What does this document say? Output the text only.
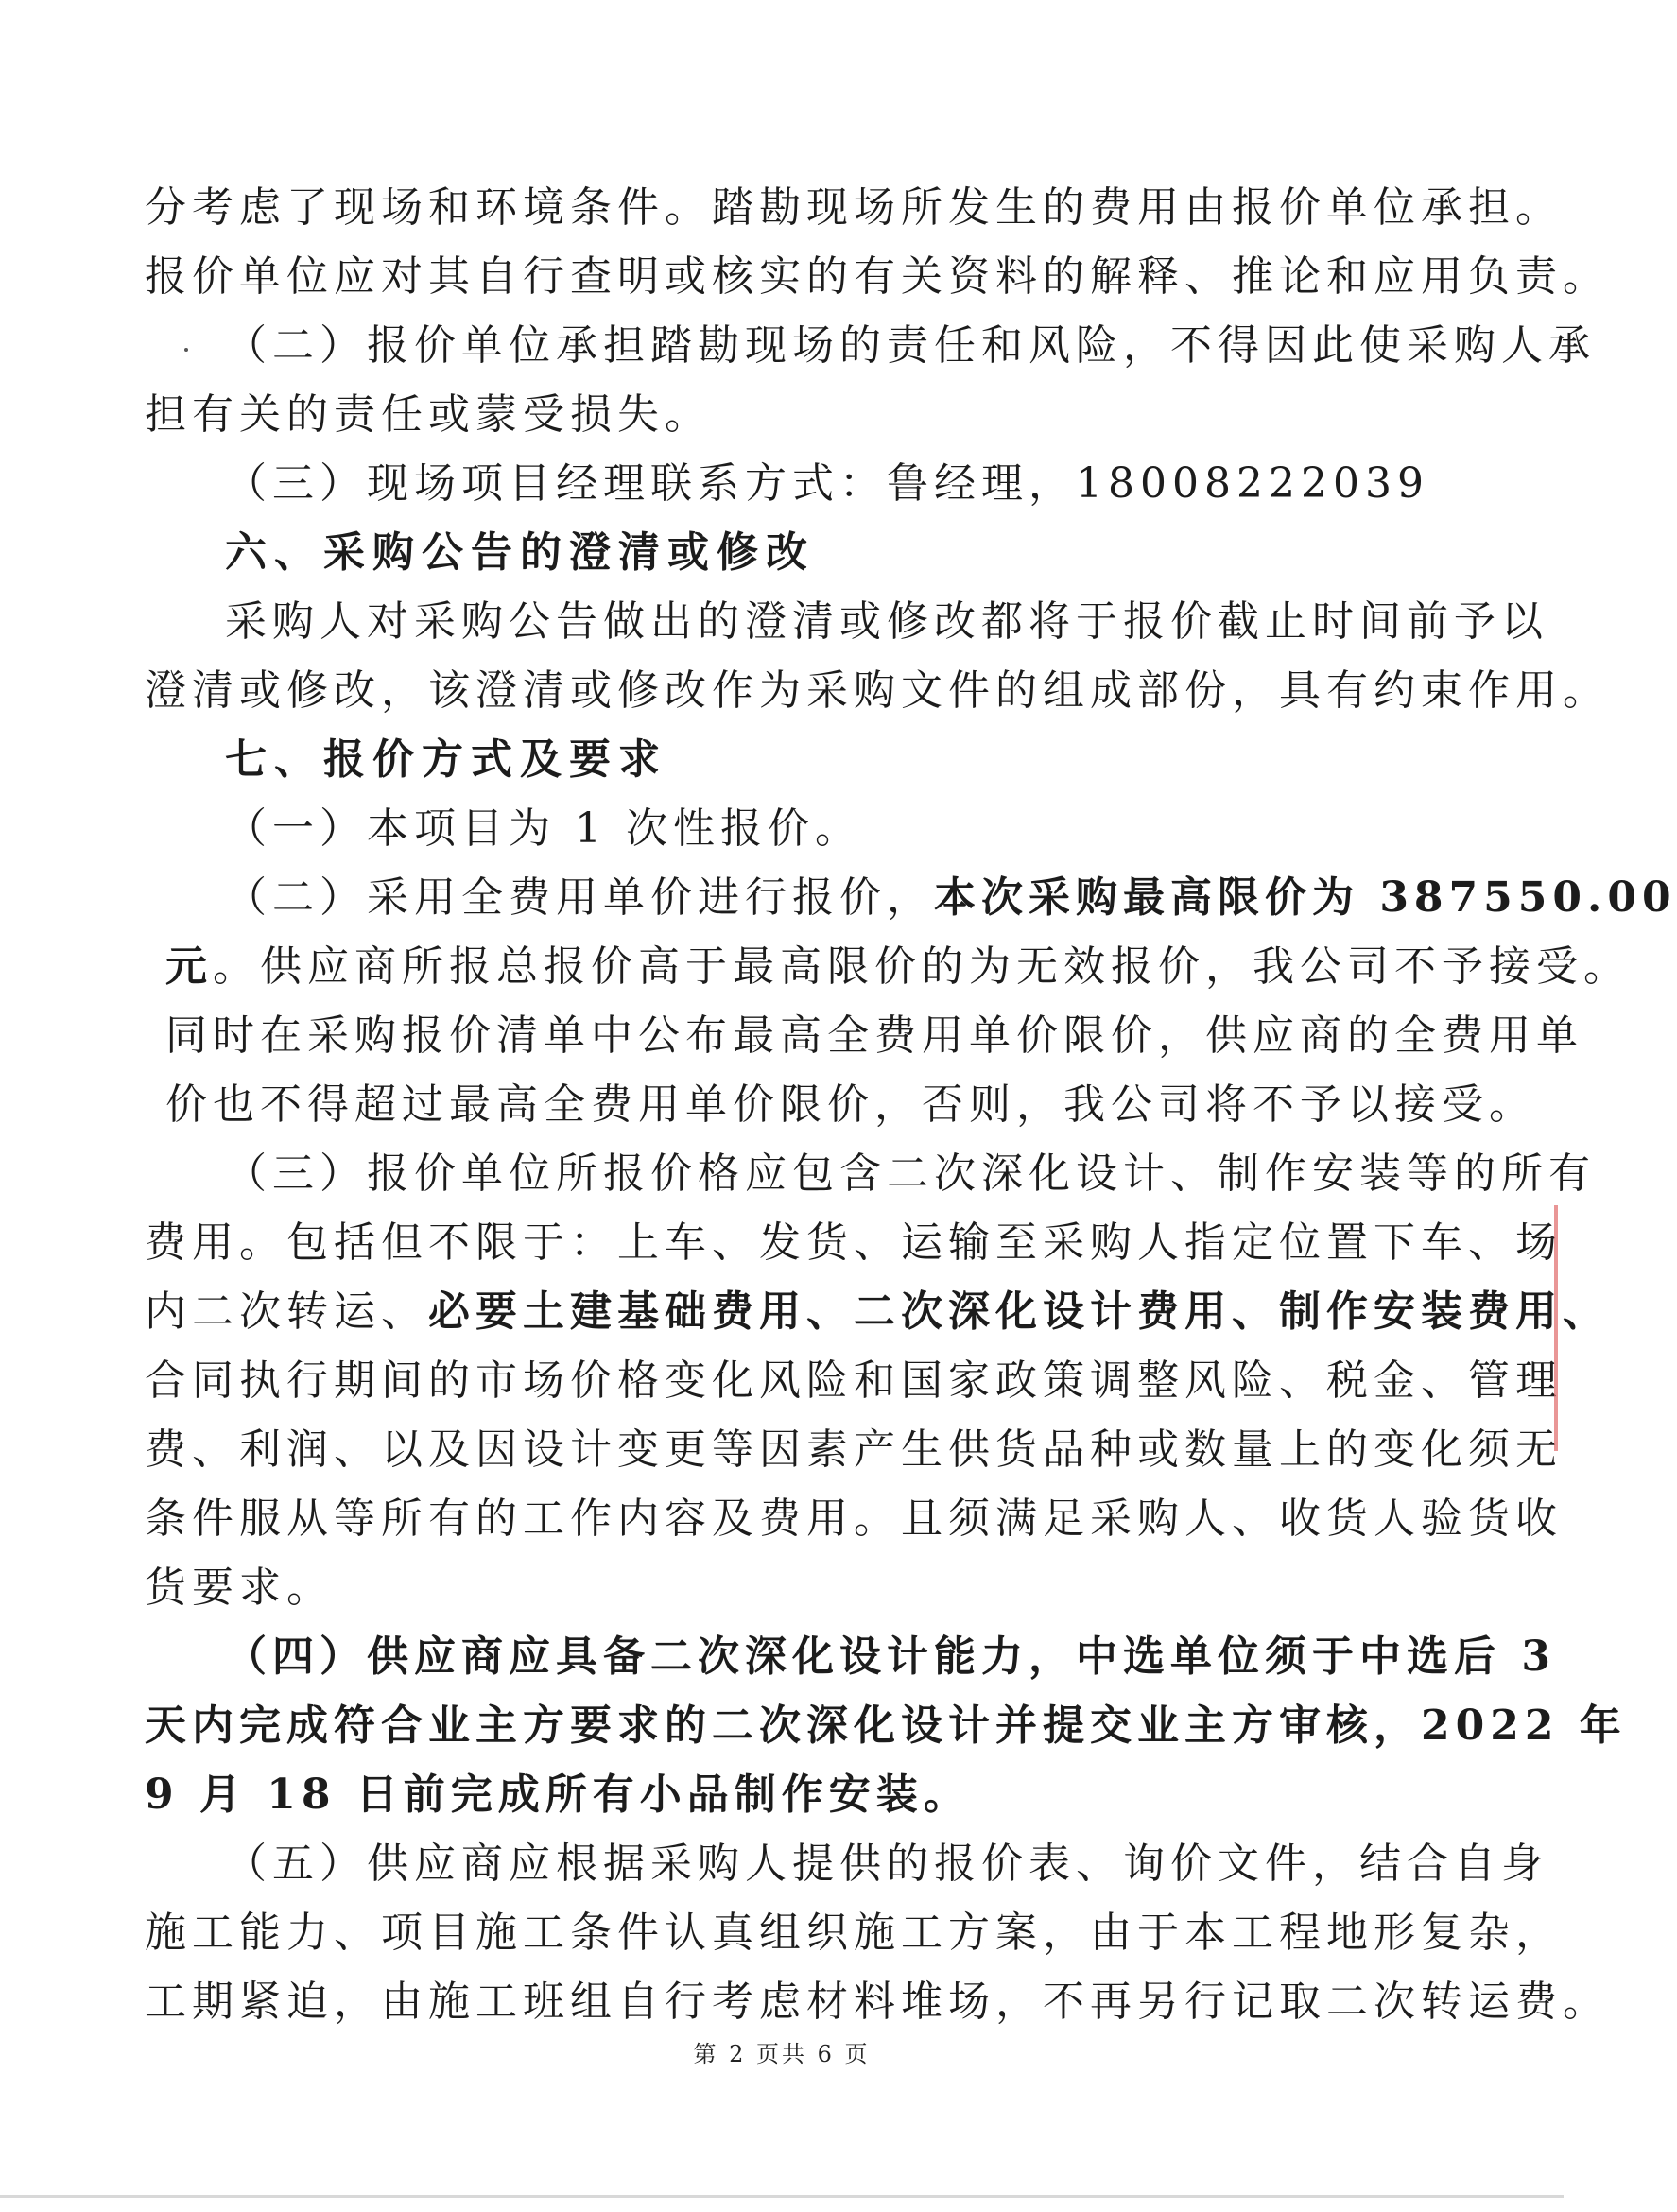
分考虑了现场和环境条件。踏勘现场所发生的费用由报价单位承担。
报价单位应对其自行查明或核实的有关资料的解释、推论和应用负责。
（二）报价单位承担踏勘现场的责任和风险，不得因此使采购人承
担有关的责任或蒙受损失。
（三）现场项目经理联系方式：鲁经理，18008222039
六、采购公告的澄清或修改
采购人对采购公告做出的澄清或修改都将于报价截止时间前予以
澄清或修改，该澄清或修改作为采购文件的组成部份，具有约束作用。
七、报价方式及要求
（一）本项目为 1 次性报价。
（二）采用全费用单价进行报价，本次采购最高限价为 387550.00
元。供应商所报总报价高于最高限价的为无效报价，我公司不予接受。
同时在采购报价清单中公布最高全费用单价限价，供应商的全费用单
价也不得超过最高全费用单价限价，否则，我公司将不予以接受。
（三）报价单位所报价格应包含二次深化设计、制作安装等的所有
费用。包括但不限于：上车、发货、运输至采购人指定位置下车、场
内二次转运、必要土建基础费用、二次深化设计费用、制作安装费用、
合同执行期间的市场价格变化风险和国家政策调整风险、税金、管理
费、利润、以及因设计变更等因素产生供货品种或数量上的变化须无
条件服从等所有的工作内容及费用。且须满足采购人、收货人验货收
货要求。
（四）供应商应具备二次深化设计能力，中选单位须于中选后 3
天内完成符合业主方要求的二次深化设计并提交业主方审核，2022 年
9 月 18 日前完成所有小品制作安装。
（五）供应商应根据采购人提供的报价表、询价文件，结合自身
施工能力、项目施工条件认真组织施工方案，由于本工程地形复杂，
工期紧迫，由施工班组自行考虑材料堆场，不再另行记取二次转运费。
第 2 页共 6 页
